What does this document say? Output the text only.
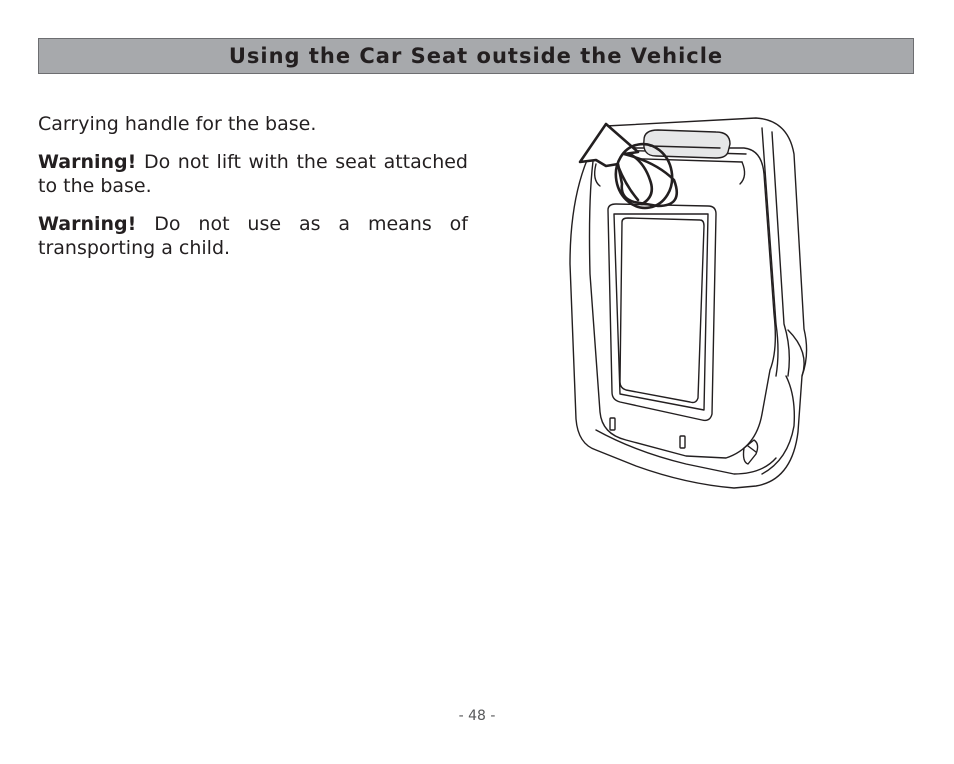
Using the Car Seat outside the Vehicle

Carrying handle for the base.

Warning! Do not lift with the seat attached to the base.

Warning! Do not use as a means of transporting a child.

- 48 -
